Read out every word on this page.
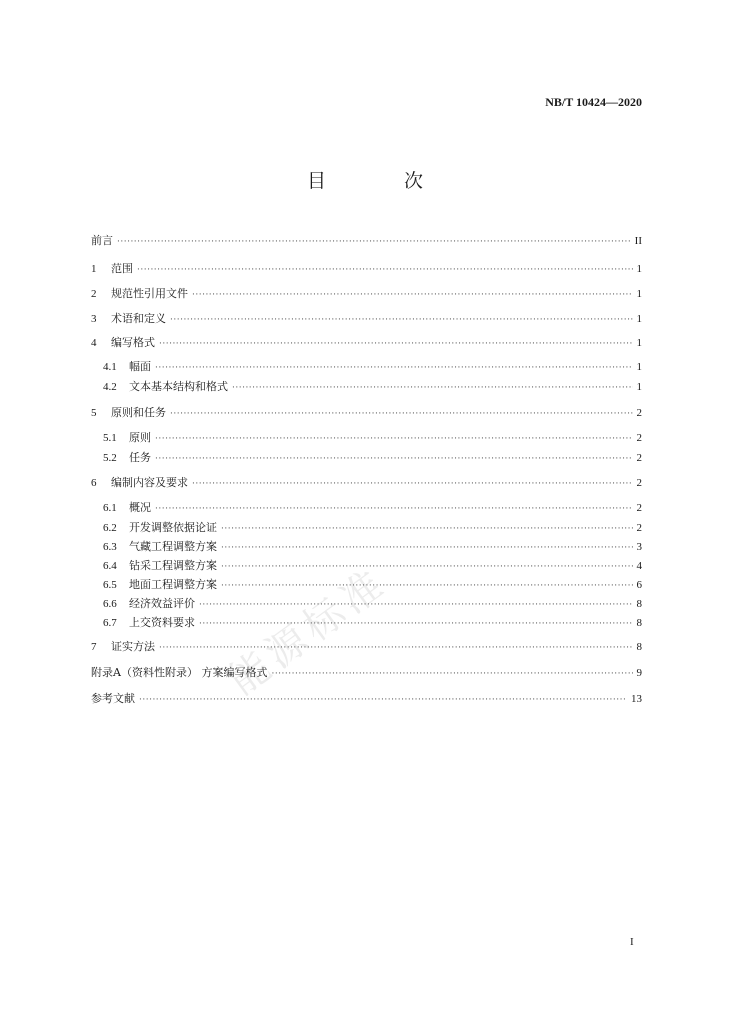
NB/T 10424—2020
目 次
能源标准
前言 ·····	II
1	范围 ·····	1
2	规范性引用文件 ·····	1
3	术语和定义 ·····	1
4	编写格式 ·····	1
4.1	幅面 ·····	1
4.2	文本基本结构和格式 ·····	1
5	原则和任务 ·····	2
5.1	原则 ·····	2
5.2	任务 ·····	2
6	编制内容及要求 ·····	2
6.1	概况 ·····	2
6.2	开发调整依据论证 ·····	2
6.3	气藏工程调整方案 ·····	3
6.4	钻采工程调整方案 ·····	4
6.5	地面工程调整方案 ·····	6
6.6	经济效益评价 ·····	8
6.7	上交资料要求 ·····	8
7	证实方法 ·····	8
附录A（资料性附录） 方案编写格式 ·····	9
参考文献 ·····	13
I
